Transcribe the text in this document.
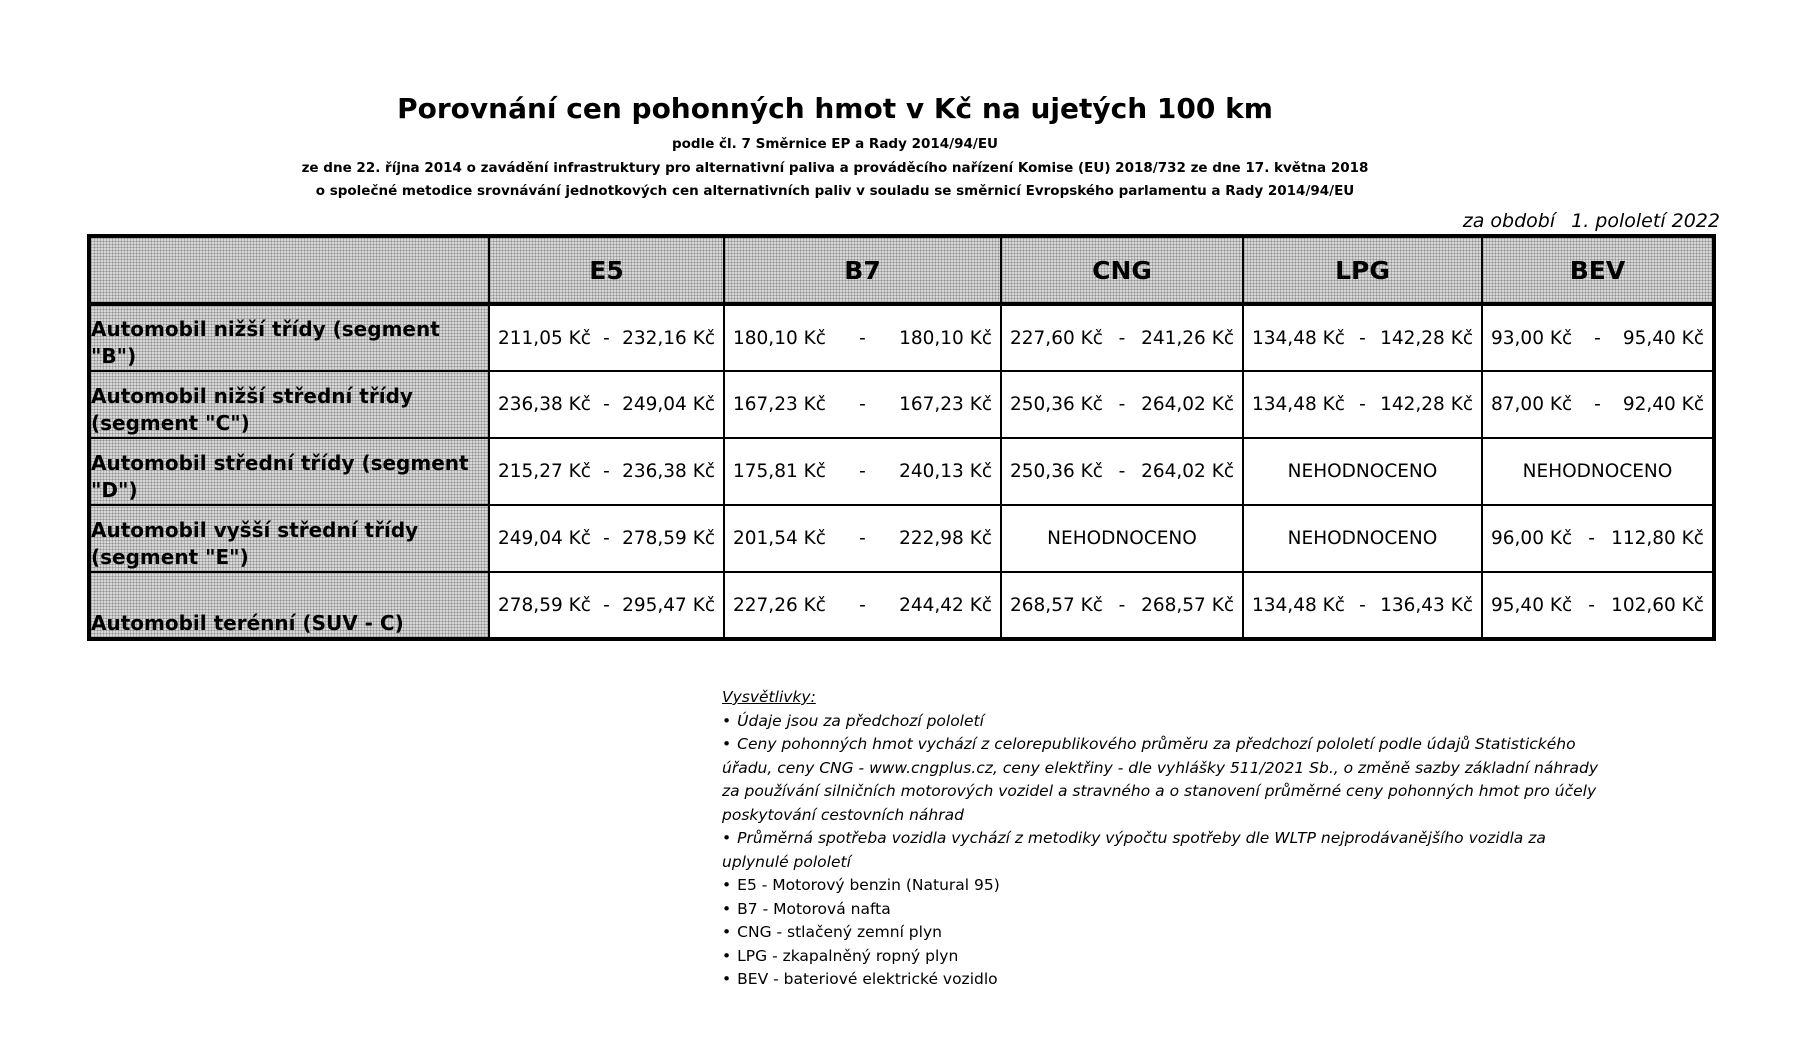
Porovnání cen pohonných hmot v Kč na ujetých 100 km
podle čl. 7 Směrnice EP a Rady 2014/94/EU
ze dne 22. října 2014 o zavádění infrastruktury pro alternativní paliva a prováděcího nařízení Komise (EU) 2018/732 ze dne 17. května 2018
o společné metodice srovnávání jednotkových cen alternativních paliv v souladu se směrnicí Evropského parlamentu a Rady 2014/94/EU
za období 1. pololetí 2022
	E5	B7	CNG	LPG	BEV
Automobil nižší třídy (segment "B")	211,05 Kč - 232,16 Kč	180,10 Kč - 180,10 Kč	227,60 Kč - 241,26 Kč	134,48 Kč - 142,28 Kč	93,00 Kč - 95,40 Kč

Automobil nižší střední třídy (segment "C")	236,38 Kč - 249,04 Kč	167,23 Kč - 167,23 Kč	250,36 Kč - 264,02 Kč	134,48 Kč - 142,28 Kč	87,00 Kč - 92,40 Kč

Automobil střední třídy (segment "D")	215,27 Kč - 236,38 Kč	175,81 Kč - 240,13 Kč	250,36 Kč - 264,02 Kč	NEHODNOCENO	NEHODNOCENO

Automobil vyšší střední třídy (segment "E")	249,04 Kč - 278,59 Kč	201,54 Kč - 222,98 Kč	NEHODNOCENO	NEHODNOCENO	96,00 Kč - 112,80 Kč

Automobil terénní (SUV - C)	278,59 Kč - 295,47 Kč	227,26 Kč - 244,42 Kč	268,57 Kč - 268,57 Kč	134,48 Kč - 136,43 Kč	95,40 Kč - 102,60 Kč
Vysvětlivky:
• Údaje jsou za předchozí pololetí
• Ceny pohonných hmot vychází z celorepublikového průměru za předchozí pololetí podle údajů Statistického
úřadu, ceny CNG - www.cngplus.cz, ceny elektřiny - dle vyhlášky 511/2021 Sb., o změně sazby základní náhrady
za používání silničních motorových vozidel a stravného a o stanovení průměrné ceny pohonných hmot pro účely
poskytování cestovních náhrad
• Průměrná spotřeba vozidla vychází z metodiky výpočtu spotřeby dle WLTP nejprodávanějšího vozidla za
uplynulé pololetí
• E5 - Motorový benzin (Natural 95)
• B7 - Motorová nafta
• CNG - stlačený zemní plyn
• LPG - zkapalněný ropný plyn
• BEV - bateriové elektrické vozidlo
